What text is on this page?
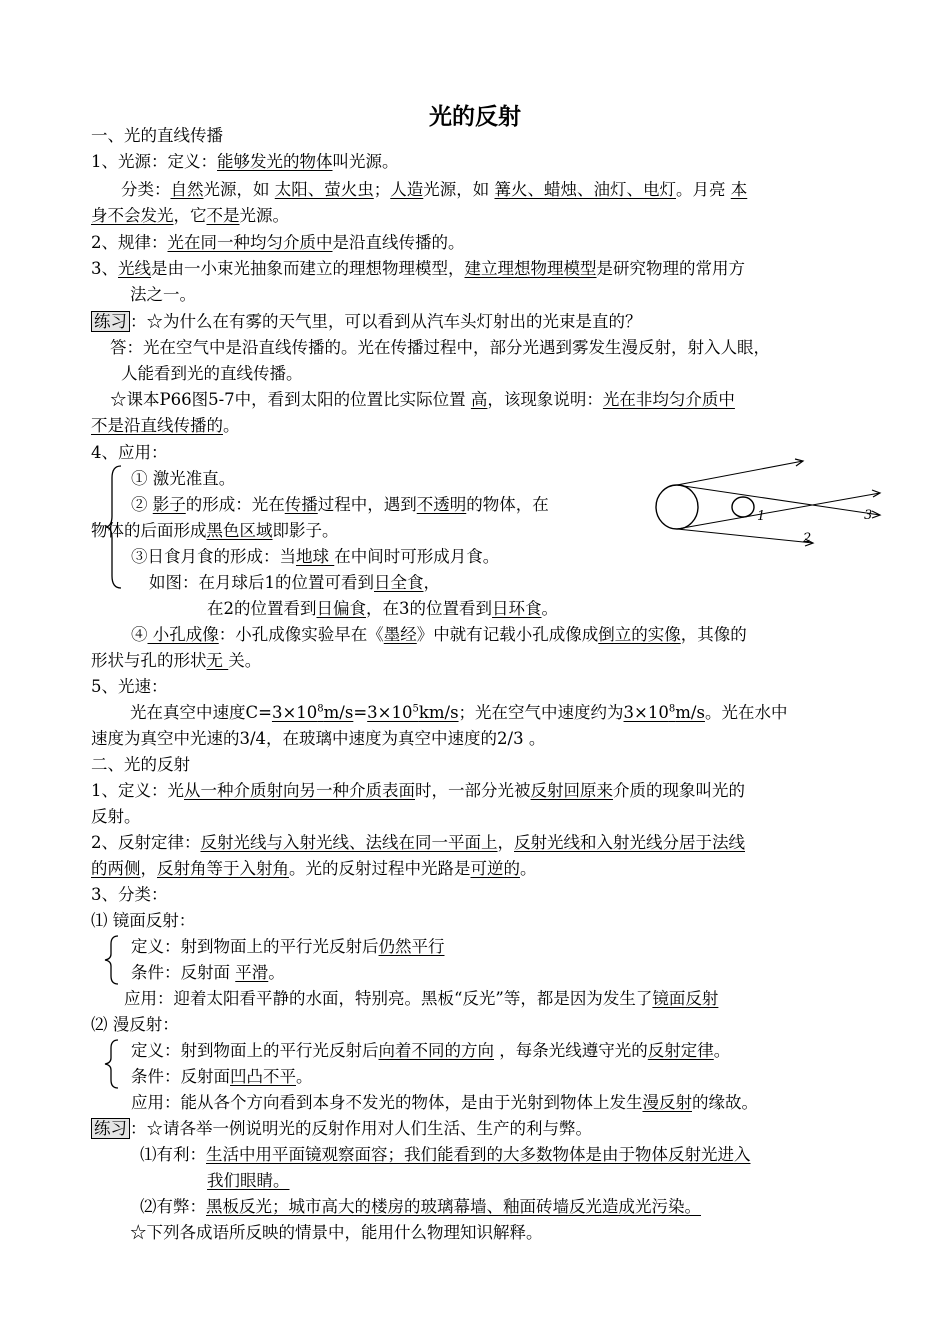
光的反射
一、光的直线传播
1、光源：定义：能够发光的物体叫光源。
分类：自然光源，如 太阳、萤火虫；人造光源，如 篝火、蜡烛、油灯、电灯。月亮 本
身不会发光，它不是光源。
2、规律：光在同一种均匀介质中是沿直线传播的。
3、光线是由一小束光抽象而建立的理想物理模型，建立理想物理模型是研究物理的常用方
法之一。
练习 ：☆为什么在有雾的天气里，可以看到从汽车头灯射出的光束是直的？
答：光在空气中是沿直线传播的。光在传播过程中，部分光遇到雾发生漫反射，射入人眼，
人能看到光的直线传播。
☆课本P66图5-7中，看到太阳的位置比实际位置 高，该现象说明：光在非均匀介质中
不是沿直线传播的。
4、应用：
① 激光准直。
② 影子的形成：光在传播过程中，遇到不透明的物体，在
物体的后面形成黑色区域即影子。
③日食月食的形成：当地球 在中间时可形成月食。
如图：在月球后1的位置可看到日全食，
在2的位置看到日偏食，在3的位置看到日环食。
1
2
3
④ 小孔成像：小孔成像实验早在《墨经》中就有记载小孔成像成倒立的实像，其像的
形状与孔的形状无 关。
5、光速：
光在真空中速度$C=3\times 10^8m/s=3\times 10^5km/s$；光在空气中速度约为$3\times 10^8m/s$。光在水中
速度为真空中光速的3/4，在玻璃中速度为真空中速度的2/3 。
二、光的反射
1、定义：光从一种介质射向另一种介质表面时，一部分光被反射回原来介质的现象叫光的
反射。
2、反射定律：反射光线与入射光线、法线在同一平面上，反射光线和入射光线分居于法线
的两侧，反射角等于入射角。光的反射过程中光路是可逆的。
3、分类：
⑴ 镜面反射：
定义：射到物面上的平行光反射后仍然平行
条件：反射面 平滑。
应用：迎着太阳看平静的水面，特别亮。黑板“反光”等，都是因为发生了镜面反射
⑵ 漫反射：
定义：射到物面上的平行光反射后向着不同的方向 ，每条光线遵守光的反射定律。
条件：反射面凹凸不平。
应用：能从各个方向看到本身不发光的物体，是由于光射到物体上发生漫反射的缘故。
练习 ：☆请各举一例说明光的反射作用对人们生活、生产的利与弊。
⑴有利：生活中用平面镜观察面容；我们能看到的大多数物体是由于物体反射光进入
我们眼睛。
⑵有弊：黑板反光；城市高大的楼房的玻璃幕墙、釉面砖墙反光造成光污染。
☆下列各成语所反映的情景中，能用什么物理知识解释。
